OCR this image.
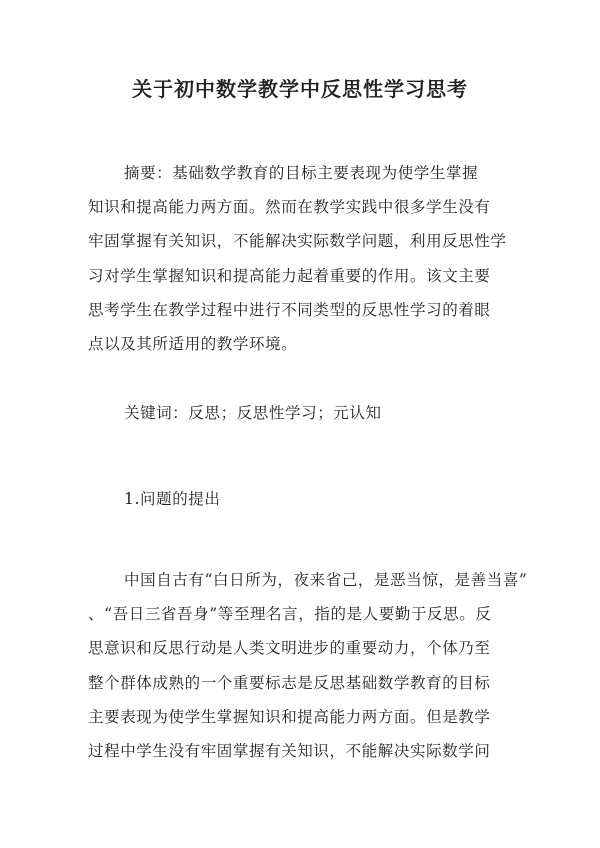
关于初中数学教学中反思性学习思考

摘要：基础数学教育的目标主要表现为使学生掌握
知识和提高能力两方面。然而在教学实践中很多学生没有
牢固掌握有关知识，不能解决实际数学问题，利用反思性学
习对学生掌握知识和提高能力起着重要的作用。该文主要
思考学生在教学过程中进行不同类型的反思性学习的着眼
点以及其所适用的教学环境。

关键词：反思；反思性学习；元认知

1.问题的提出

中国自古有“白日所为，夜来省己，是恶当惊，是善当喜”
、“吾日三省吾身”等至理名言，指的是人要勤于反思。反
思意识和反思行动是人类文明进步的重要动力，个体乃至
整个群体成熟的一个重要标志是反思基础数学教育的目标
主要表现为使学生掌握知识和提高能力两方面。但是教学
过程中学生没有牢固掌握有关知识，不能解决实际数学问
